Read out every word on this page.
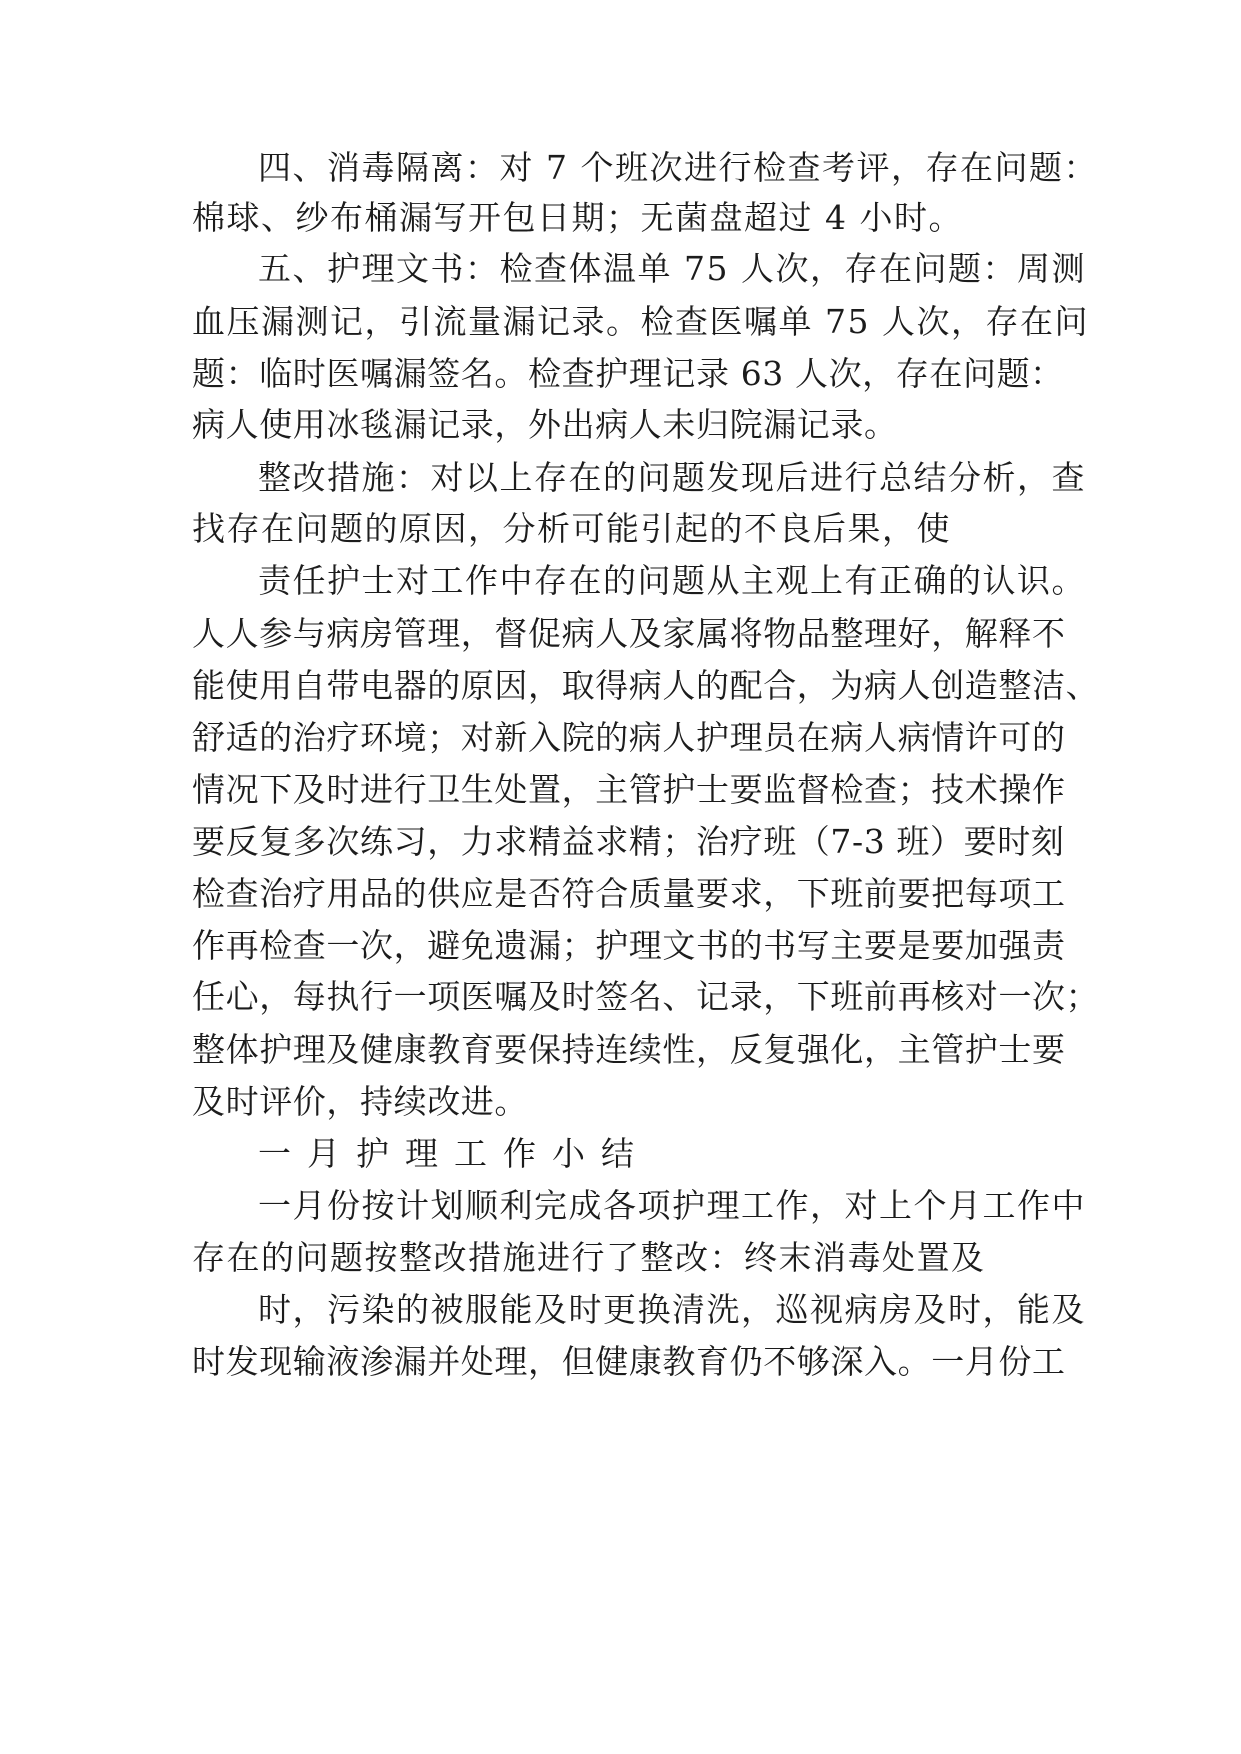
四、消毒隔离：对 7 个班次进行检查考评，存在问题：
棉球、纱布桶漏写开包日期；无菌盘超过 4 小时。
五、护理文书：检查体温单 75 人次，存在问题：周测
血压漏测记，引流量漏记录。检查医嘱单 75 人次，存在问
题：临时医嘱漏签名。检查护理记录 63 人次，存在问题：
病人使用冰毯漏记录，外出病人未归院漏记录。
整改措施：对以上存在的问题发现后进行总结分析，查
找存在问题的原因，分析可能引起的不良后果，使
责任护士对工作中存在的问题从主观上有正确的认识。
人人参与病房管理，督促病人及家属将物品整理好，解释不
能使用自带电器的原因，取得病人的配合，为病人创造整洁、
舒适的治疗环境；对新入院的病人护理员在病人病情许可的
情况下及时进行卫生处置，主管护士要监督检查；技术操作
要反复多次练习，力求精益求精；治疗班（7-3 班）要时刻
检查治疗用品的供应是否符合质量要求，下班前要把每项工
作再检查一次，避免遗漏；护理文书的书写主要是要加强责
任心，每执行一项医嘱及时签名、记录，下班前再核对一次；
整体护理及健康教育要保持连续性，反复强化，主管护士要
及时评价，持续改进。
一月护理工作小结
一月份按计划顺利完成各项护理工作，对上个月工作中
存在的问题按整改措施进行了整改：终末消毒处置及
时，污染的被服能及时更换清洗，巡视病房及时，能及
时发现输液渗漏并处理，但健康教育仍不够深入。一月份工
